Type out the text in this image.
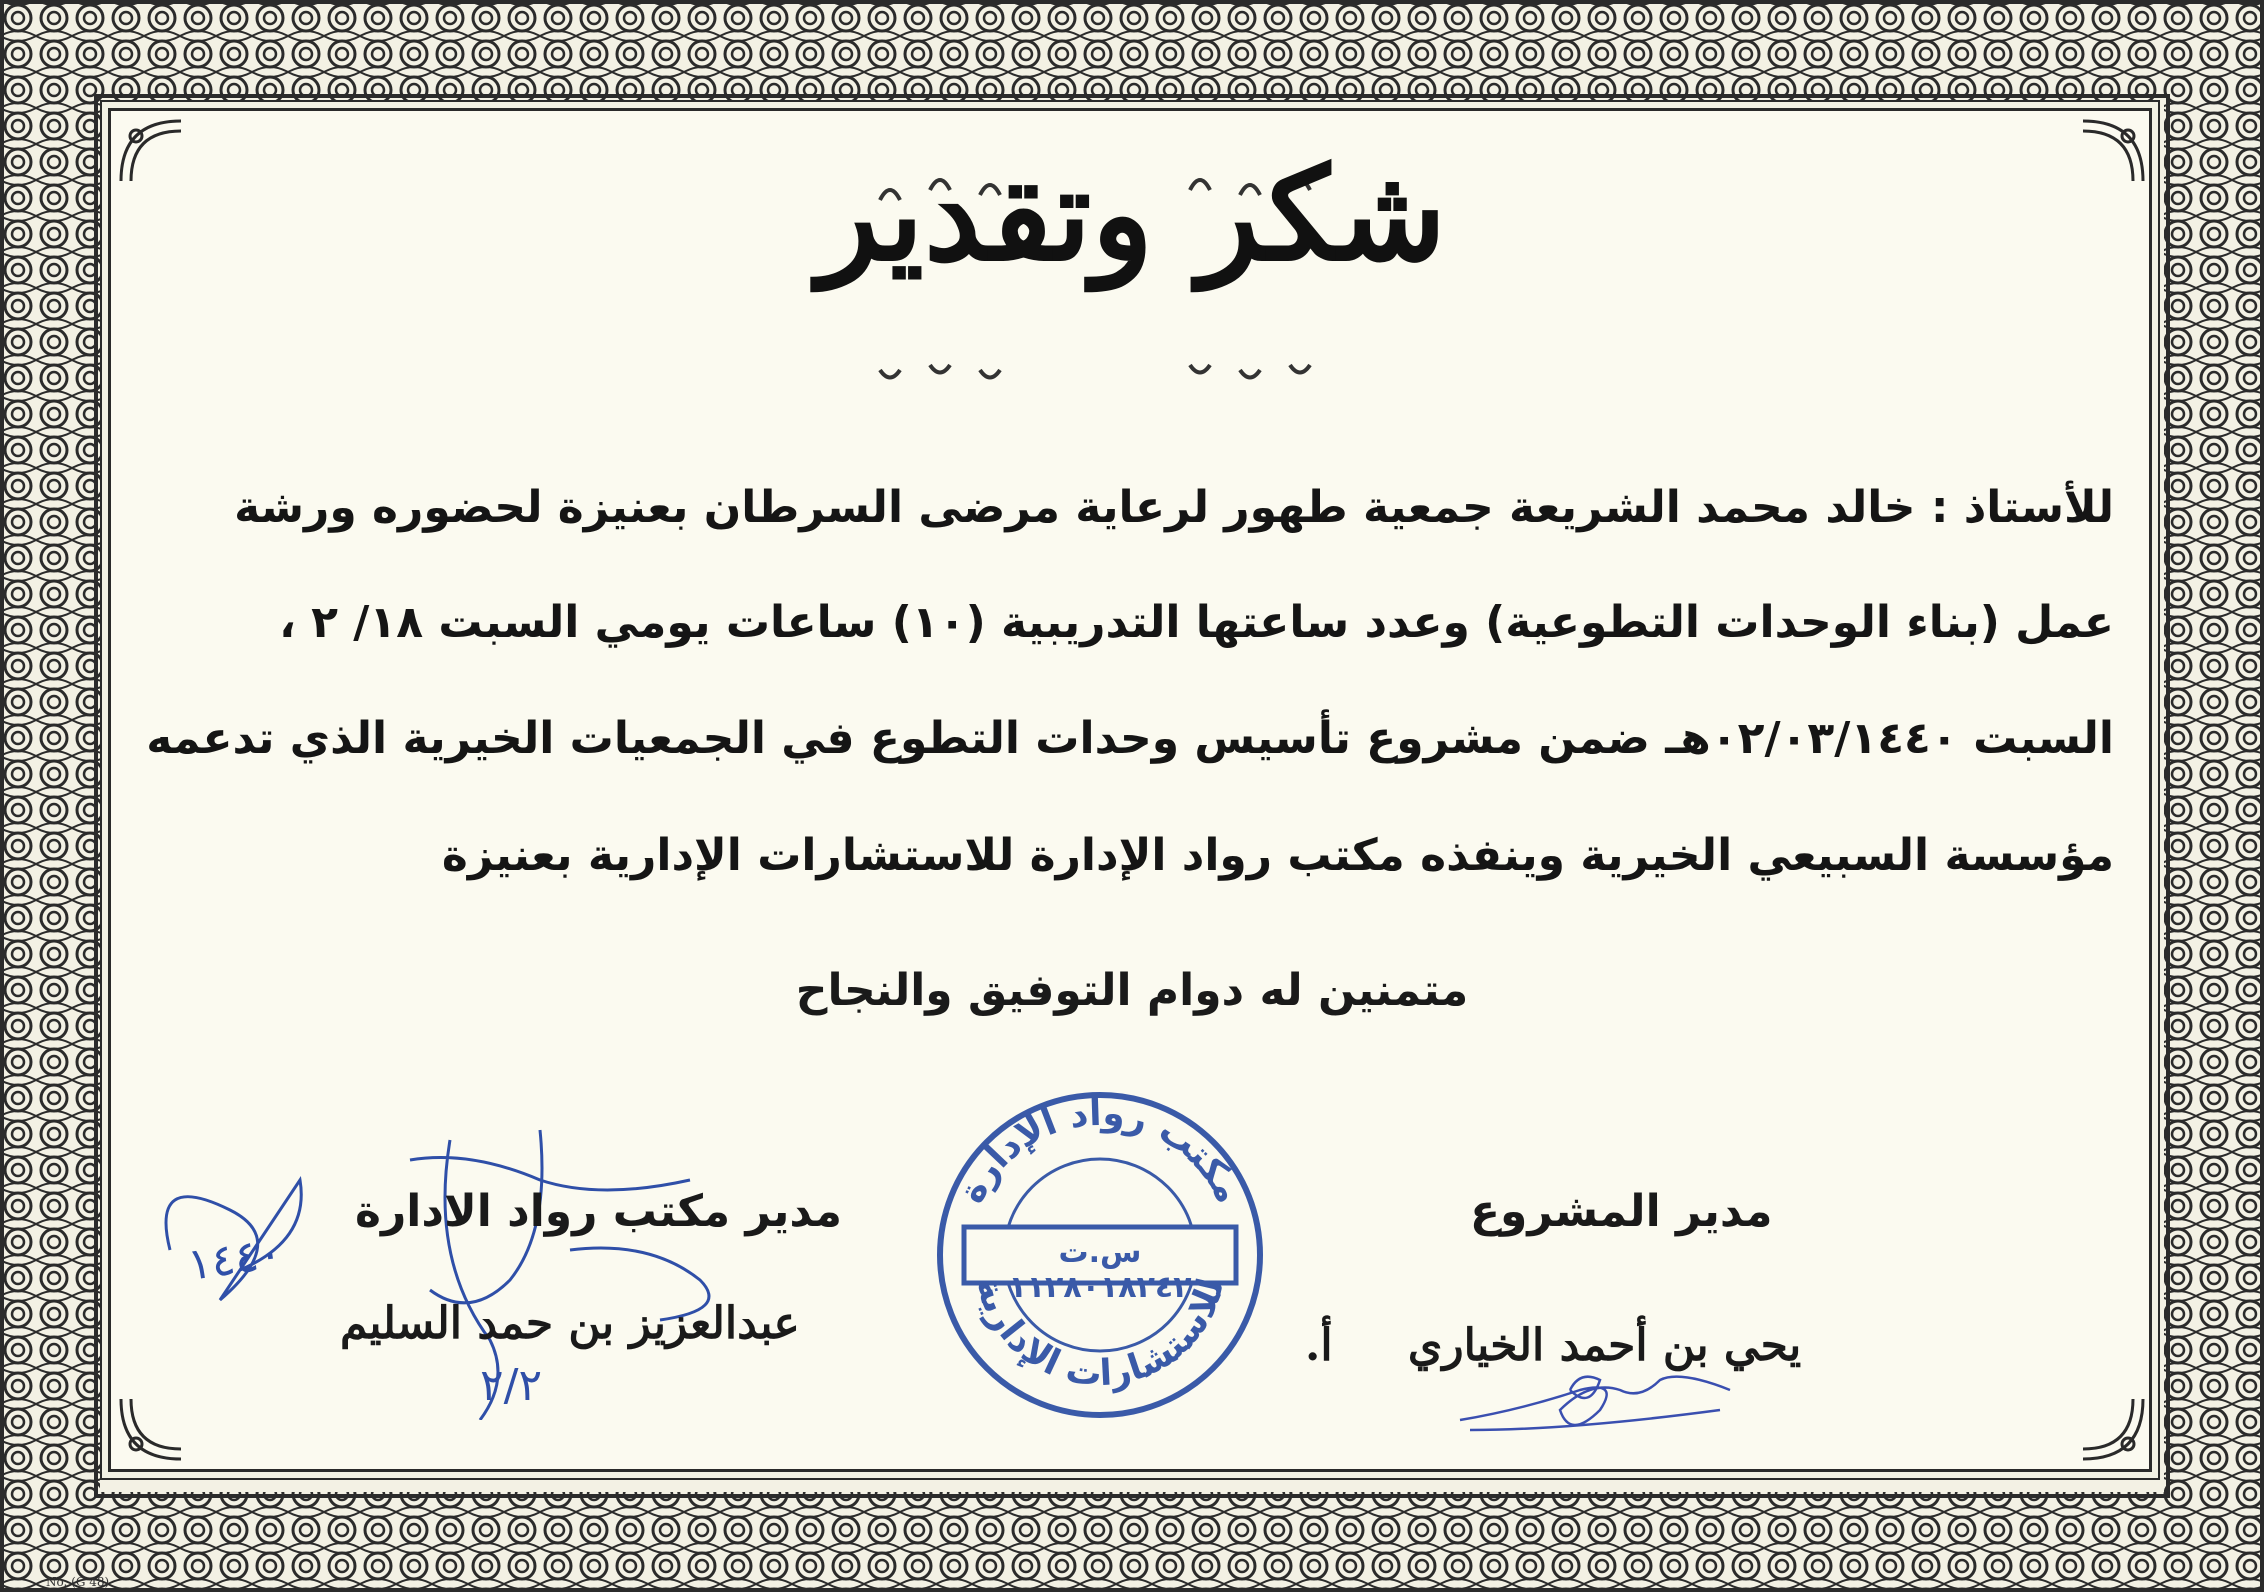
شكر وتقدير
للأستاذ : خالد محمد الشريعة جمعية طهور لرعاية مرضى السرطان بعنيزة لحضوره ورشة
عمل (بناء الوحدات التطوعية) وعدد ساعتها التدريبية (١٠) ساعات يومي السبت ١٨/ ٢ ،
السبت ٠٢/٠٣/١٤٤٠هـ ضمن مشروع تأسيس وحدات التطوع في الجمعيات الخيرية الذي تدعمه
مؤسسة السبيعي الخيرية وينفذه مكتب رواد الإدارة للاستشارات الإدارية بعنيزة
متمنين له دوام التوفيق والنجاح
١٤٤٠
٢/٢
مدير مكتب رواد الادارة
عبدالعزيز بن حمد السليم
مكتب رواد الإدارة
للاستشارات الإدارية
س.ت ١١٢٨٠١٨٢٤٢
مدير المشروع
يحي بن أحمد الخياري أ.
No. (G 48)
